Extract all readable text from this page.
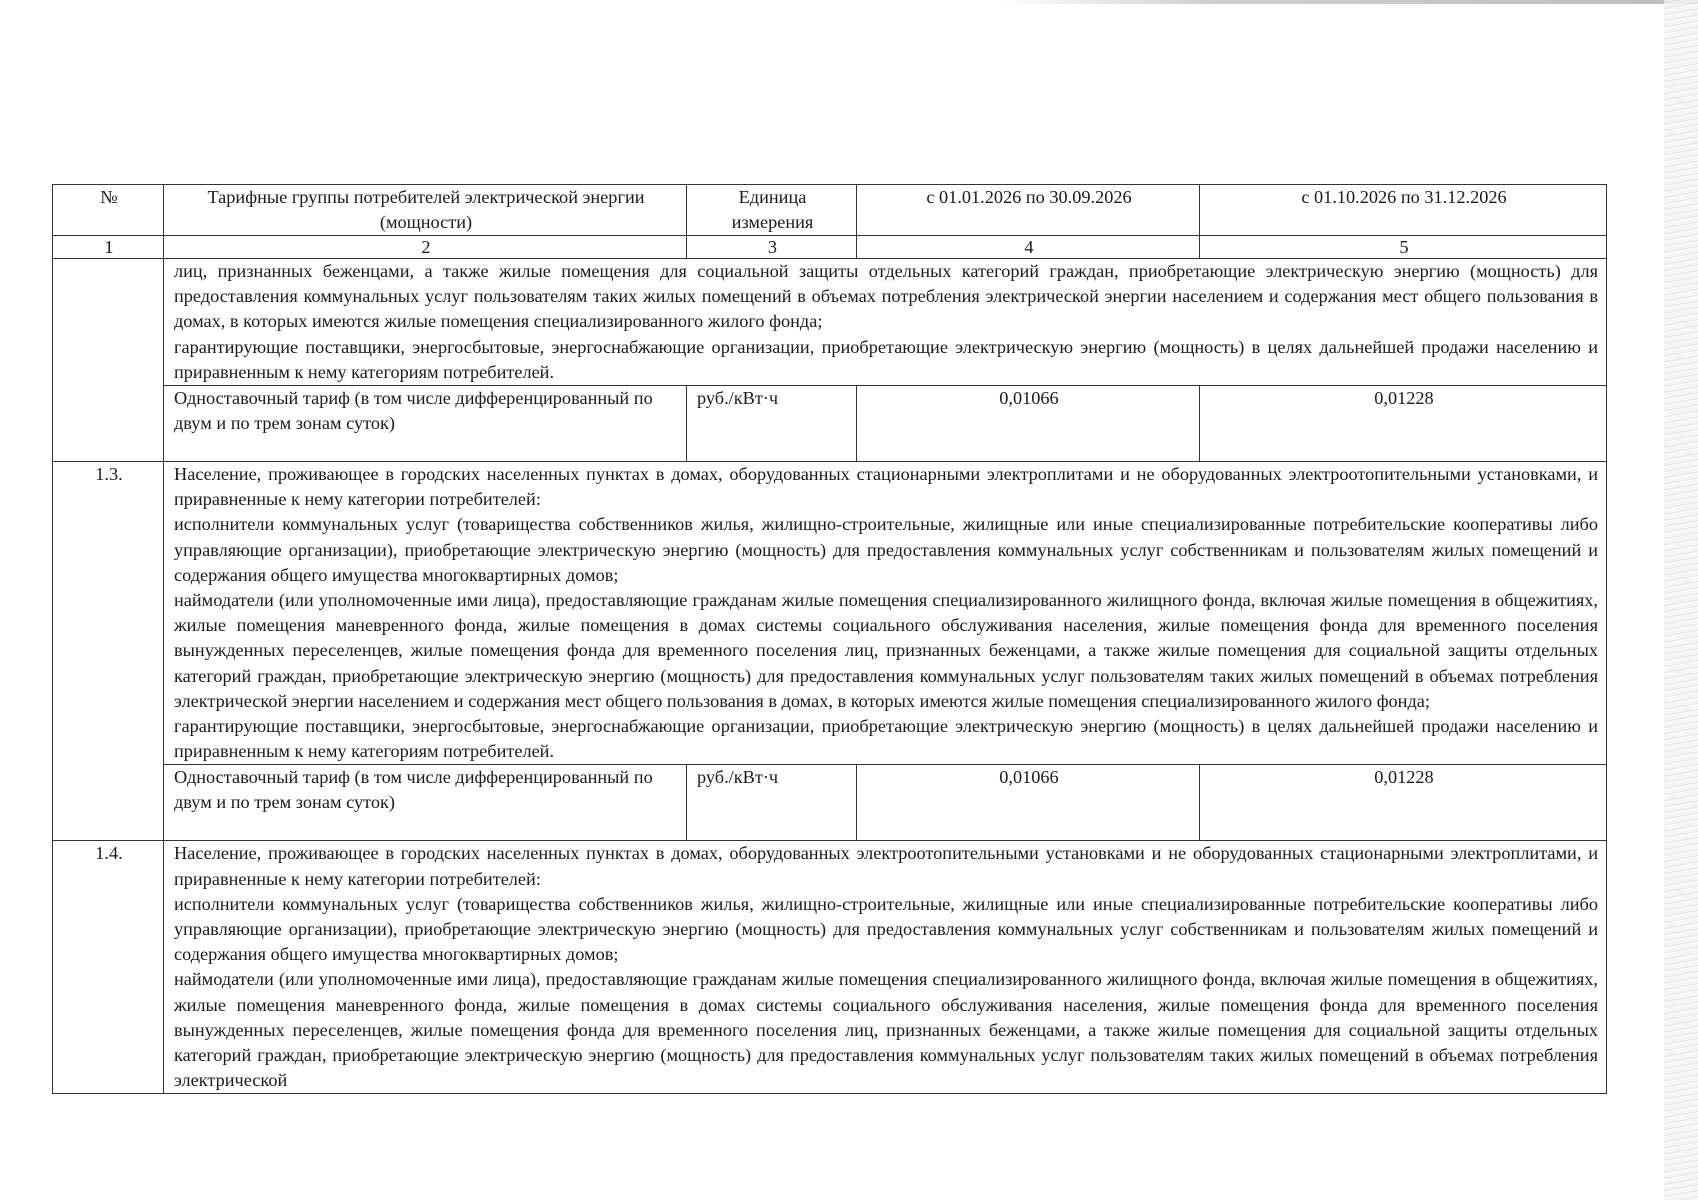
№	Тарифные группы потребителей электрической энергии (мощности)	Единица измерения	с 01.01.2026 по 30.09.2026	с 01.10.2026 по 31.12.2026
1	2	3	4	5

	лиц, признанных беженцами, а также жилые помещения для социальной защиты отдельных категорий граждан, приобретающие электрическую энергию (мощность) для предоставления коммунальных услуг пользователям таких жилых помещений в объемах потребления электрической энергии населением и содержания мест общего пользования в домах, в которых имеются жилые помещения специализированного жилого фонда;

гарантирующие поставщики, энергосбытовые, энергоснабжающие организации, приобретающие электрическую энергию (мощность) в целях дальнейшей продажи населению и приравненным к нему категориям потребителей.			

	Одноставочный тариф (в том числе дифференцированный по двум и по трем зонам суток)	руб./кВт·ч	0,01066	0,01228
1.3.	Население, проживающее в городских населенных пунктах в домах, оборудованных стационарными электроплитами и не оборудованных электроотопительными установками, и приравненные к нему категории потребителей:

исполнители коммунальных услуг (товарищества собственников жилья, жилищно-строительные, жилищные или иные специализированные потребительские кооперативы либо управляющие организации), приобретающие электрическую энергию (мощность) для предоставления коммунальных услуг собственникам и пользователям жилых помещений и содержания общего имущества многоквартирных домов;

наймодатели (или уполномоченные ими лица), предоставляющие гражданам жилые помещения специализированного жилищного фонда, включая жилые помещения в общежитиях, жилые помещения маневренного фонда, жилые помещения в домах системы социального обслуживания населения, жилые помещения фонда для временного поселения вынужденных переселенцев, жилые помещения фонда для временного поселения лиц, признанных беженцами, а также жилые помещения для социальной защиты отдельных категорий граждан, приобретающие электрическую энергию (мощность) для предоставления коммунальных услуг пользователям таких жилых помещений в объемах потребления электрической энергии населением и содержания мест общего пользования в домах, в которых имеются жилые помещения специализированного жилого фонда;

гарантирующие поставщики, энергосбытовые, энергоснабжающие организации, приобретающие электрическую энергию (мощность) в целях дальнейшей продажи населению и приравненным к нему категориям потребителей.			

	Одноставочный тариф (в том числе дифференцированный по двум и по трем зонам суток)	руб./кВт·ч	0,01066	0,01228
1.4.	Население, проживающее в городских населенных пунктах в домах, оборудованных электроотопительными установками и не оборудованных стационарными электроплитами, и приравненные к нему категории потребителей:

исполнители коммунальных услуг (товарищества собственников жилья, жилищно-строительные, жилищные или иные специализированные потребительские кооперативы либо управляющие организации), приобретающие электрическую энергию (мощность) для предоставления коммунальных услуг собственникам и пользователям жилых помещений и содержания общего имущества многоквартирных домов;

наймодатели (или уполномоченные ими лица), предоставляющие гражданам жилые помещения специализированного жилищного фонда, включая жилые помещения в общежитиях, жилые помещения маневренного фонда, жилые помещения в домах системы социального обслуживания населения, жилые помещения фонда для временного поселения вынужденных переселенцев, жилые помещения фонда для временного поселения лиц, признанных беженцами, а также жилые помещения для социальной защиты отдельных категорий граждан, приобретающие электрическую энергию (мощность) для предоставления коммунальных услуг пользователям таких жилых помещений в объемах потребления электрической			
